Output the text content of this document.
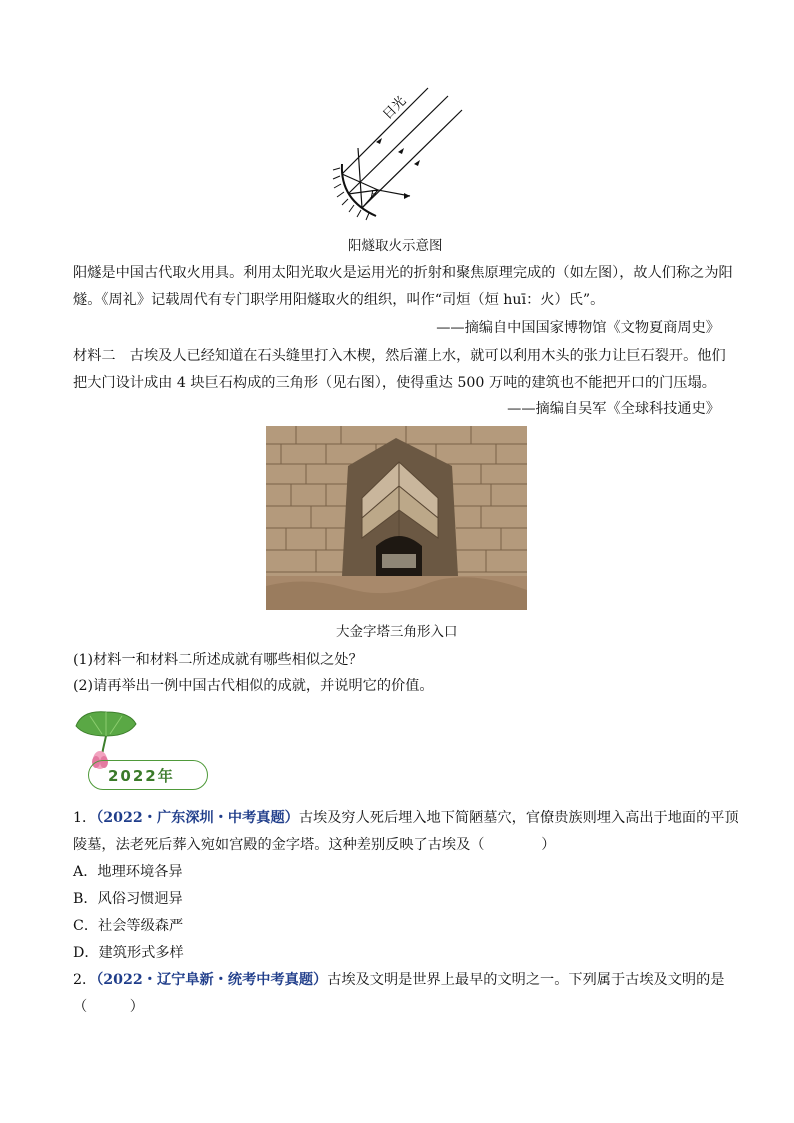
日光
F
阳燧取火示意图
阳燧是中国古代取火用具。利用太阳光取火是运用光的折射和聚焦原理完成的（如左图），故人们称之为阳
燧。《周礼》记载周代有专门职学用阳燧取火的组织，叫作“司烜（烜 huī：火）氏”。
——摘编自中国国家博物馆《文物夏商周史》
材料二　古埃及人已经知道在石头缝里打入木楔，然后灌上水，就可以利用木头的张力让巨石裂开。他们
把大门设计成由 4 块巨石构成的三角形（见右图），使得重达 500 万吨的建筑也不能把开口的门压塌。
——摘编自吴军《全球科技通史》
大金字塔三角形入口
(1)材料一和材料二所述成就有哪些相似之处？
(2)请再举出一例中国古代相似的成就，并说明它的价值。
2022年
1．（2022・广东深圳・中考真题）古埃及穷人死后埋入地下简陋墓穴，官僚贵族则埋入高出于地面的平顶
陵墓，法老死后葬入宛如宫殿的金字塔。这种差别反映了古埃及（　　　　）
A．地理环境各异
B．风俗习惯迥异
C．社会等级森严
D．建筑形式多样
2．（2022・辽宁阜新・统考中考真题）古埃及文明是世界上最早的文明之一。下列属于古埃及文明的是
（　　　）
